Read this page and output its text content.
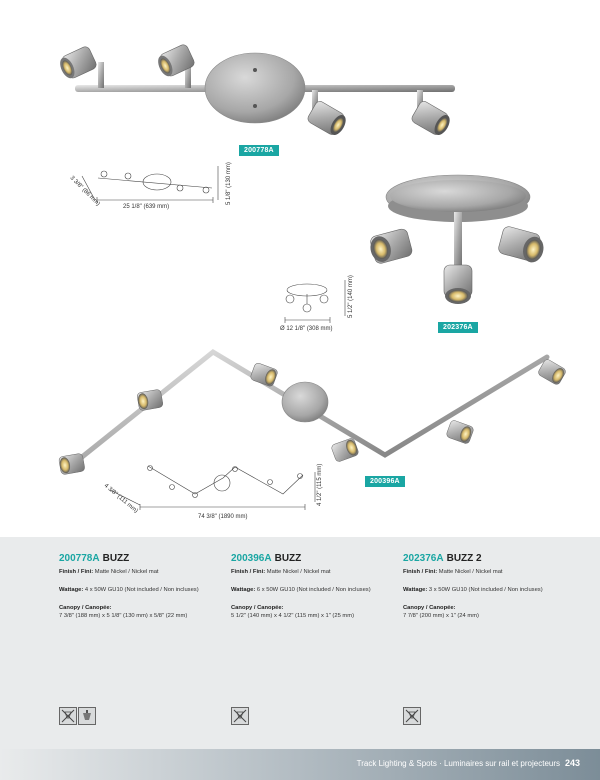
25 1/8" (639 mm)
5 1/8" (130 mm)
3 3/8" (86 mm)
Ø 12 1/8" (308 mm)
5 1/2" (140 mm)
74 3/8" (1890 mm)
4 1/2" (115 mm)
4 3/8" (111 mm)
200778A
202376A
200396A
200778A BUZZ
Finish / Fini: Matte Nickel / Nickel mat
Wattage: 4 x 50W GU10 (Not included / Non incluses)
Canopy / Canopée:
7 3/8" (188 mm) x 5 1/8" (130 mm) x 5/8" (22 mm)
200396A BUZZ
Finish / Fini: Matte Nickel / Nickel mat
Wattage: 6 x 50W GU10 (Not included / Non incluses)
Canopy / Canopée:
5 1/2" (140 mm) x 4 1/2" (115 mm) x 1" (25 mm)
202376A BUZZ 2
Finish / Fini: Matte Nickel / Nickel mat
Wattage: 3 x 50W GU10 (Not included / Non incluses)
Canopy / Canopée:
7 7/8" (200 mm) x 1" (24 mm)
Track Lighting & Spots · Luminaires sur rail et projecteurs 243
